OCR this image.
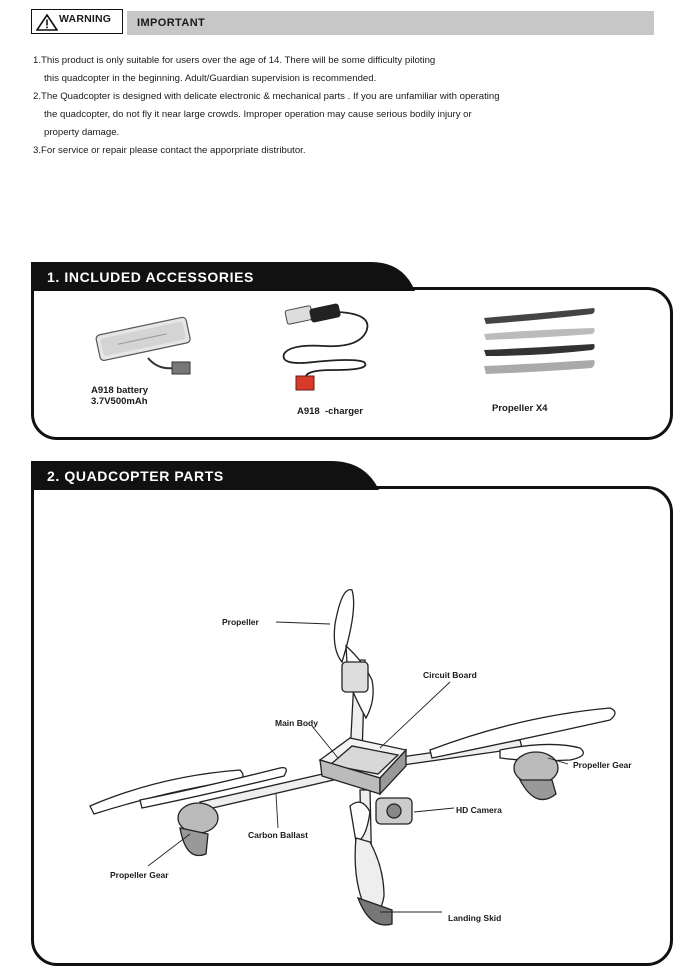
WARNING IMPORTANT

1.This product is only suitable for users over the age of 14. There will be some difficulty piloting

this quadcopter in the beginning. Adult/Guardian supervision is recommended.

2.The Quadcopter is designed with delicate electronic & mechanical parts . If you are unfamiliar with operating

the quadcopter, do not fly it near large crowds. Improper operation may cause serious bodily injury or

property damage.

3.For service or repair please contact the apporpriate distributor.

1. INCLUDED ACCESSORIES
A918 battery
3.7V500mAh
A918  -charger	Propeller X4
2. QUADCOPTER PARTS
Propeller
Circuit Board
Main Body
Propeller Gear
HD Camera
Carbon Ballast
Propeller Gear
Landing Skid
